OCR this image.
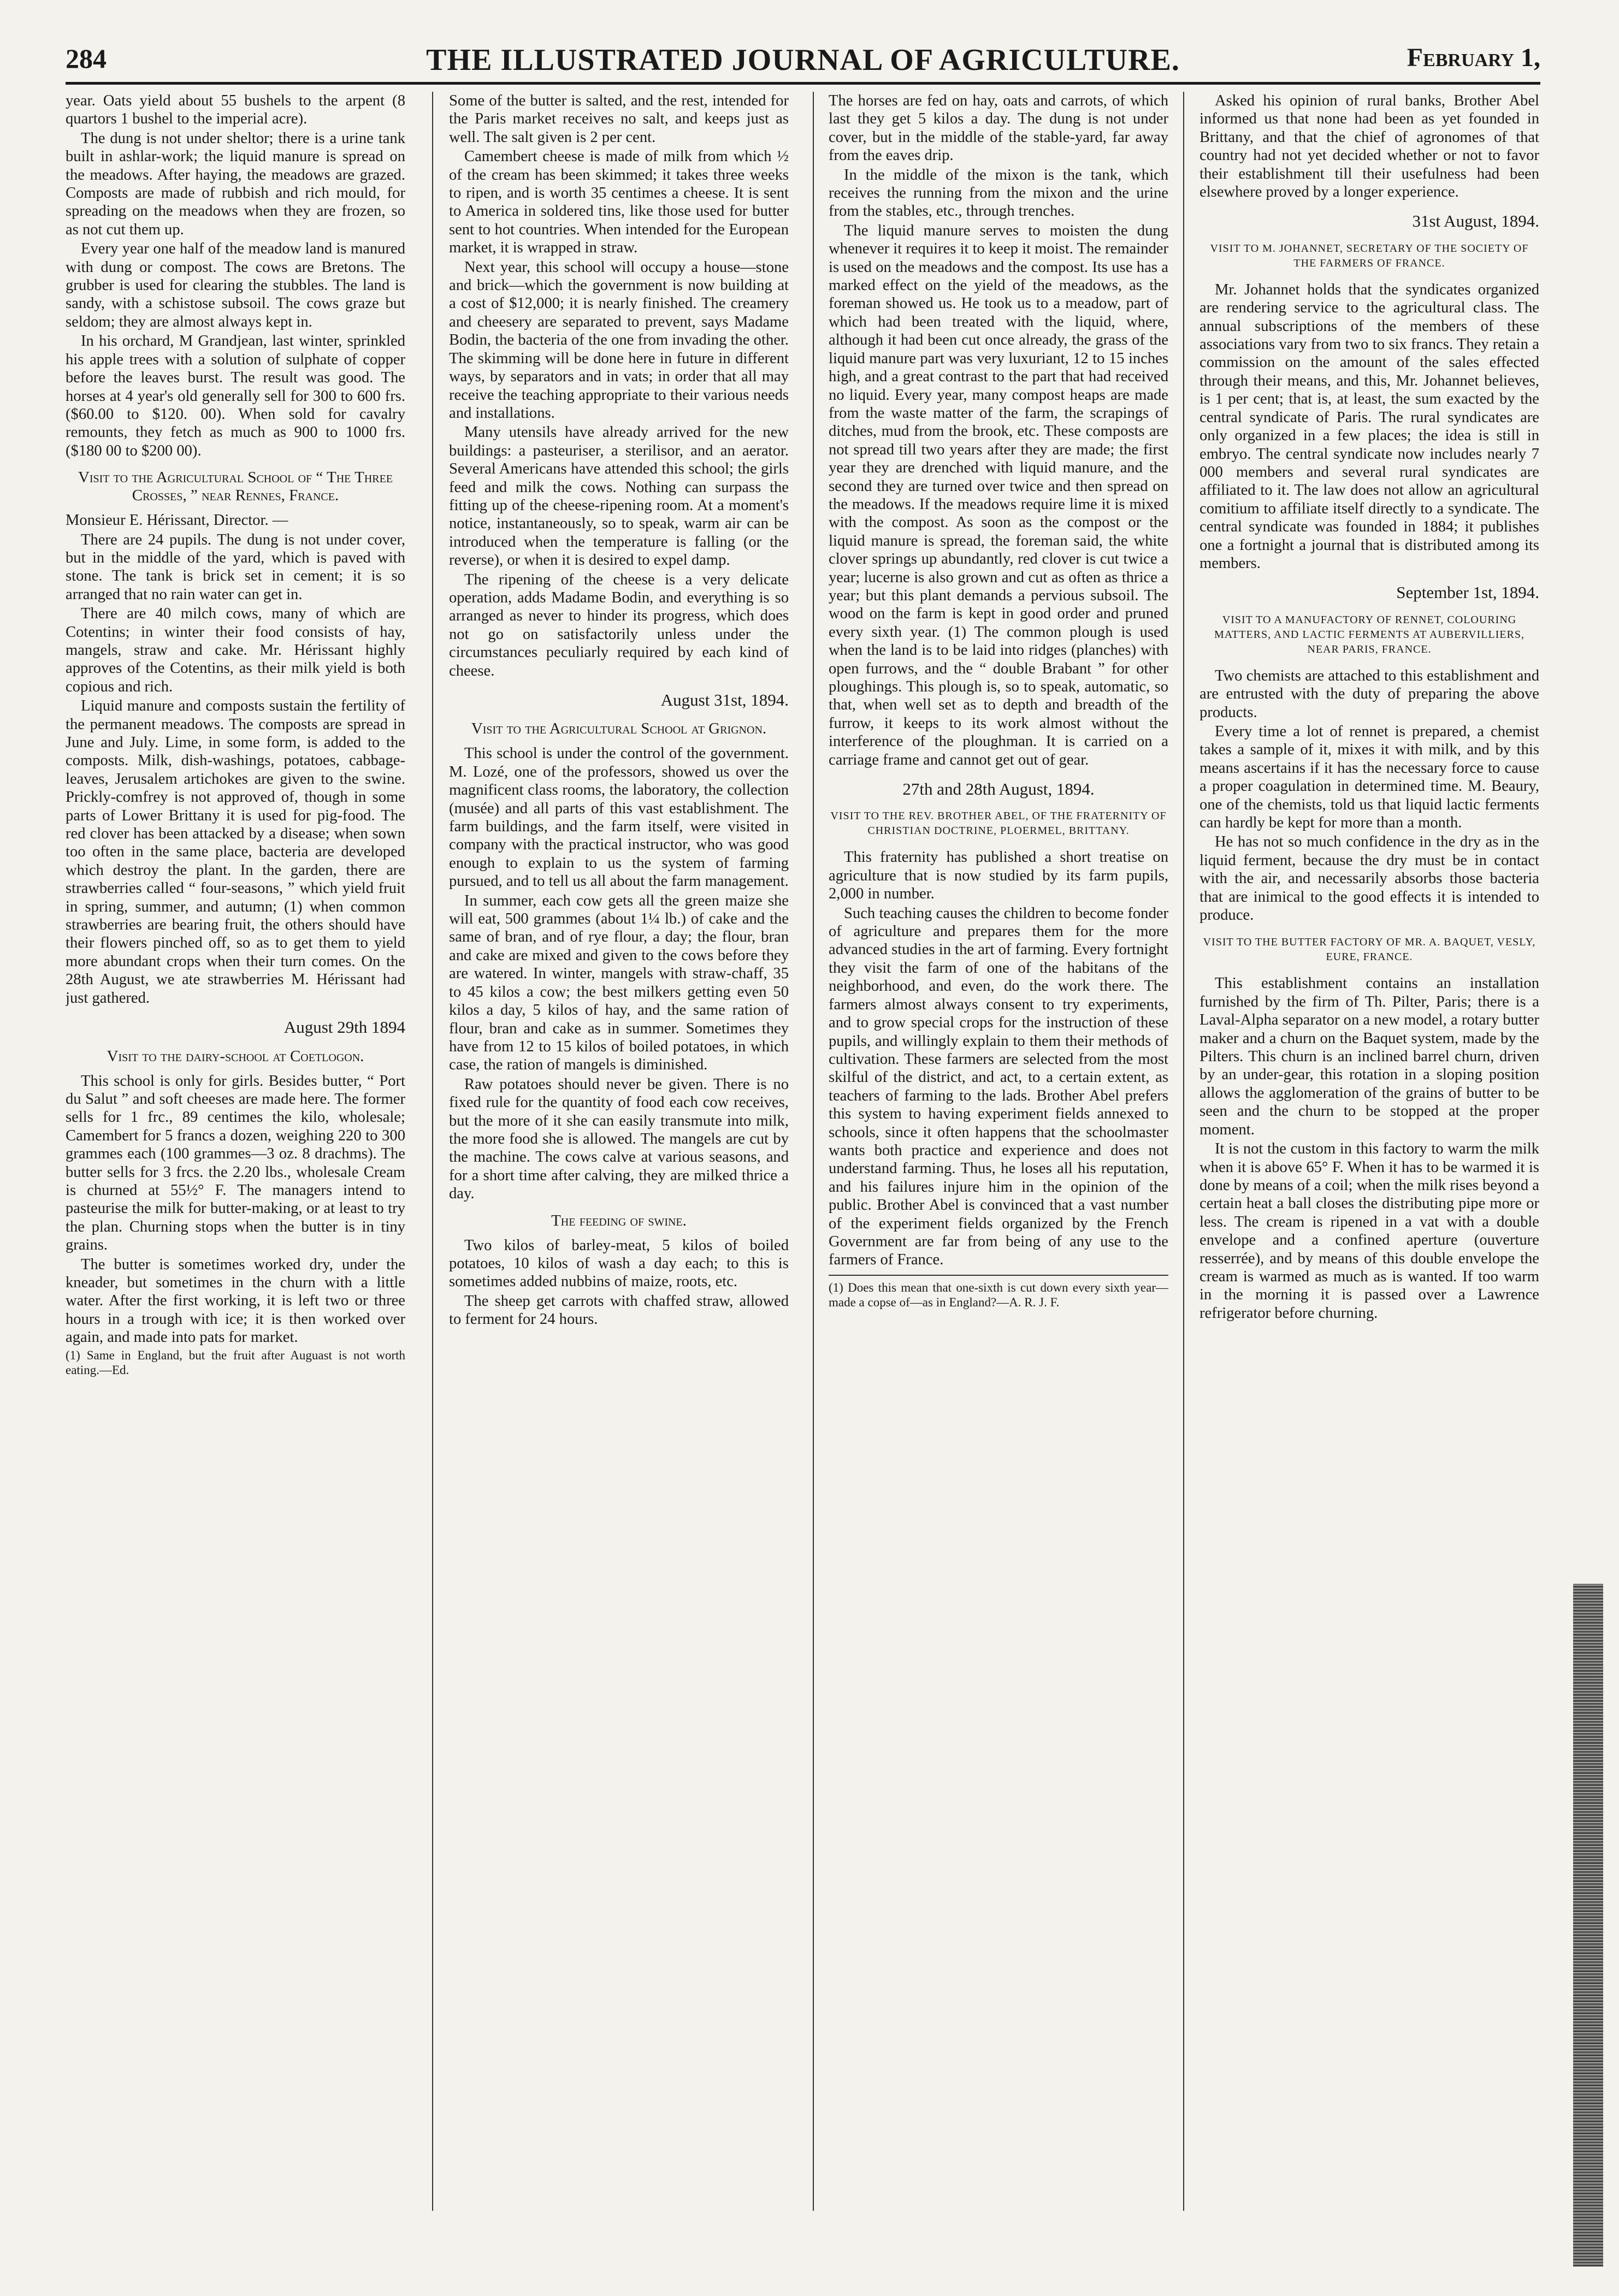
284	THE ILLUSTRATED JOURNAL OF AGRICULTURE.	February 1,

year. Oats yield about 55 bushels to the arpent (8 quartors 1 bushel to the imperial acre).

The dung is not under sheltor; there is a urine tank built in ashlar-work; the liquid manure is spread on the meadows. After haying, the meadows are grazed. Composts are made of rubbish and rich mould, for spreading on the meadows when they are frozen, so as not cut them up.

Every year one half of the meadow land is manured with dung or compost. The cows are Bretons. The grubber is used for clearing the stubbles. The land is sandy, with a schistose subsoil. The cows graze but seldom; they are almost always kept in.

In his orchard, M Grandjean, last winter, sprinkled his apple trees with a solution of sulphate of copper before the leaves burst. The result was good. The horses at 4 year's old generally sell for 300 to 600 frs. ($60.00 to $120. 00). When sold for cavalry remounts, they fetch as much as 900 to 1000 frs. ($180 00 to $200 00).

Visit to the Agricultural School of “ The Three Crosses, ” near Rennes, France.

Monsieur E. Hérissant, Director. —

There are 24 pupils. The dung is not under cover, but in the middle of the yard, which is paved with stone. The tank is brick set in cement; it is so arranged that no rain water can get in.

There are 40 milch cows, many of which are Cotentins; in winter their food consists of hay, mangels, straw and cake. Mr. Hérissant highly approves of the Cotentins, as their milk yield is both copious and rich.

Liquid manure and composts sustain the fertility of the permanent meadows. The composts are spread in June and July. Lime, in some form, is added to the composts. Milk, dish-washings, potatoes, cabbage-leaves, Jerusalem artichokes are given to the swine. Prickly-comfrey is not approved of, though in some parts of Lower Brittany it is used for pig-food. The red clover has been attacked by a disease; when sown too often in the same place, bacteria are developed which destroy the plant. In the garden, there are strawberries called “ four-seasons, ” which yield fruit in spring, summer, and autumn; (1) when common strawberries are bearing fruit, the others should have their flowers pinched off, so as to get them to yield more abundant crops when their turn comes. On the 28th August, we ate strawberries M. Hérissant had just gathered.

August 29th 1894
Visit to the dairy-school at Coetlogon.

This school is only for girls. Besides butter, “ Port du Salut ” and soft cheeses are made here. The former sells for 1 frc., 89 centimes the kilo, wholesale; Camembert for 5 francs a dozen, weighing 220 to 300 grammes each (100 grammes—3 oz. 8 drachms). The butter sells for 3 frcs. the 2.20 lbs., wholesale Cream is churned at 55½° F. The managers intend to pasteurise the milk for butter-making, or at least to try the plan. Churning stops when the butter is in tiny grains.

The butter is sometimes worked dry, under the kneader, but sometimes in the churn with a little water. After the first working, it is left two or three hours in a trough with ice; it is then worked over again, and made into pats for market.

(1) Same in England, but the fruit after Auguast is not worth eating.—Ed.

Some of the butter is salted, and the rest, intended for the Paris market receives no salt, and keeps just as well. The salt given is 2 per cent.

Camembert cheese is made of milk from which ½ of the cream has been skimmed; it takes three weeks to ripen, and is worth 35 centimes a cheese. It is sent to America in soldered tins, like those used for butter sent to hot countries. When intended for the European market, it is wrapped in straw.

Next year, this school will occupy a house—stone and brick—which the government is now building at a cost of $12,000; it is nearly finished. The creamery and cheesery are separated to prevent, says Madame Bodin, the bacteria of the one from invading the other. The skimming will be done here in future in different ways, by separators and in vats; in order that all may receive the teaching appropriate to their various needs and installations.

Many utensils have already arrived for the new buildings: a pasteuriser, a sterilisor, and an aerator. Several Americans have attended this school; the girls feed and milk the cows. Nothing can surpass the fitting up of the cheese-ripening room. At a moment's notice, instantaneously, so to speak, warm air can be introduced when the temperature is falling (or the reverse), or when it is desired to expel damp.

The ripening of the cheese is a very delicate operation, adds Madame Bodin, and everything is so arranged as never to hinder its progress, which does not go on satisfactorily unless under the circumstances peculiarly required by each kind of cheese.

August 31st, 1894.
Visit to the Agricultural School at Grignon.

This school is under the control of the government. M. Lozé, one of the professors, showed us over the magnificent class rooms, the laboratory, the collection (musée) and all parts of this vast establishment. The farm buildings, and the farm itself, were visited in company with the practical instructor, who was good enough to explain to us the system of farming pursued, and to tell us all about the farm management.

In summer, each cow gets all the green maize she will eat, 500 grammes (about 1¼ lb.) of cake and the same of bran, and of rye flour, a day; the flour, bran and cake are mixed and given to the cows before they are watered. In winter, mangels with straw-chaff, 35 to 45 kilos a cow; the best milkers getting even 50 kilos a day, 5 kilos of hay, and the same ration of flour, bran and cake as in summer. Sometimes they have from 12 to 15 kilos of boiled potatoes, in which case, the ration of mangels is diminished.

Raw potatoes should never be given. There is no fixed rule for the quantity of food each cow receives, but the more of it she can easily transmute into milk, the more food she is allowed. The mangels are cut by the machine. The cows calve at various seasons, and for a short time after calving, they are milked thrice a day.

The feeding of swine.

Two kilos of barley-meat, 5 kilos of boiled potatoes, 10 kilos of wash a day each; to this is sometimes added nubbins of maize, roots, etc.

The sheep get carrots with chaffed straw, allowed to ferment for 24 hours.

The horses are fed on hay, oats and carrots, of which last they get 5 kilos a day. The dung is not under cover, but in the middle of the stable-yard, far away from the eaves drip.

In the middle of the mixon is the tank, which receives the running from the mixon and the urine from the stables, etc., through trenches.

The liquid manure serves to moisten the dung whenever it requires it to keep it moist. The remainder is used on the meadows and the compost. Its use has a marked effect on the yield of the meadows, as the foreman showed us. He took us to a meadow, part of which had been treated with the liquid, where, although it had been cut once already, the grass of the liquid manure part was very luxuriant, 12 to 15 inches high, and a great contrast to the part that had received no liquid. Every year, many compost heaps are made from the waste matter of the farm, the scrapings of ditches, mud from the brook, etc. These composts are not spread till two years after they are made; the first year they are drenched with liquid manure, and the second they are turned over twice and then spread on the meadows. If the meadows require lime it is mixed with the compost. As soon as the compost or the liquid manure is spread, the foreman said, the white clover springs up abundantly, red clover is cut twice a year; lucerne is also grown and cut as often as thrice a year; but this plant demands a pervious subsoil. The wood on the farm is kept in good order and pruned every sixth year. (1) The common plough is used when the land is to be laid into ridges (planches) with open furrows, and the “ double Brabant ” for other ploughings. This plough is, so to speak, automatic, so that, when well set as to depth and breadth of the furrow, it keeps to its work almost without the interference of the ploughman. It is carried on a carriage frame and cannot get out of gear.

27th and 28th August, 1894.
VISIT TO THE REV. BROTHER ABEL, OF THE FRATERNITY OF CHRISTIAN DOCTRINE, PLOERMEL, BRITTANY.

This fraternity has published a short treatise on agriculture that is now studied by its farm pupils, 2,000 in number.

Such teaching causes the children to become fonder of agriculture and prepares them for the more advanced studies in the art of farming. Every fortnight they visit the farm of one of the habitans of the neighborhood, and even, do the work there. The farmers almost always consent to try experiments, and to grow special crops for the instruction of these pupils, and willingly explain to them their methods of cultivation. These farmers are selected from the most skilful of the district, and act, to a certain extent, as teachers of farming to the lads. Brother Abel prefers this system to having experiment fields annexed to schools, since it often happens that the schoolmaster wants both practice and experience and does not understand farming. Thus, he loses all his reputation, and his failures injure him in the opinion of the public. Brother Abel is convinced that a vast number of the experiment fields organized by the French Government are far from being of any use to the farmers of France.

(1) Does this mean that one-sixth is cut down every sixth year—made a copse of—as in England?—A. R. J. F.

Asked his opinion of rural banks, Brother Abel informed us that none had been as yet founded in Brittany, and that the chief of agronomes of that country had not yet decided whether or not to favor their establishment till their usefulness had been elsewhere proved by a longer experience.

31st August, 1894.
VISIT TO M. JOHANNET, SECRETARY OF THE SOCIETY OF THE FARMERS OF FRANCE.

Mr. Johannet holds that the syndicates organized are rendering service to the agricultural class. The annual subscriptions of the members of these associations vary from two to six francs. They retain a commission on the amount of the sales effected through their means, and this, Mr. Johannet believes, is 1 per cent; that is, at least, the sum exacted by the central syndicate of Paris. The rural syndicates are only organized in a few places; the idea is still in embryo. The central syndicate now includes nearly 7 000 members and several rural syndicates are affiliated to it. The law does not allow an agricultural comitium to affiliate itself directly to a syndicate. The central syndicate was founded in 1884; it publishes one a fortnight a journal that is distributed among its members.

September 1st, 1894.
VISIT TO A MANUFACTORY OF RENNET, COLOURING MATTERS, AND LACTIC FERMENTS AT AUBERVILLIERS, NEAR PARIS, FRANCE.

Two chemists are attached to this establishment and are entrusted with the duty of preparing the above products.

Every time a lot of rennet is prepared, a chemist takes a sample of it, mixes it with milk, and by this means ascertains if it has the necessary force to cause a proper coagulation in determined time. M. Beaury, one of the chemists, told us that liquid lactic ferments can hardly be kept for more than a month.

He has not so much confidence in the dry as in the liquid ferment, because the dry must be in contact with the air, and necessarily absorbs those bacteria that are inimical to the good effects it is intended to produce.

VISIT TO THE BUTTER FACTORY OF MR. A. BAQUET, VESLY, EURE, FRANCE.

This establishment contains an installation furnished by the firm of Th. Pilter, Paris; there is a Laval-Alpha separator on a new model, a rotary butter maker and a churn on the Baquet system, made by the Pilters. This churn is an inclined barrel churn, driven by an under-gear, this rotation in a sloping position allows the agglomeration of the grains of butter to be seen and the churn to be stopped at the proper moment.

It is not the custom in this factory to warm the milk when it is above 65° F. When it has to be warmed it is done by means of a coil; when the milk rises beyond a certain heat a ball closes the distributing pipe more or less. The cream is ripened in a vat with a double envelope and a confined aperture (ouverture resserrée), and by means of this double envelope the cream is warmed as much as is wanted. If too warm in the morning it is passed over a Lawrence refrigerator before churning.
